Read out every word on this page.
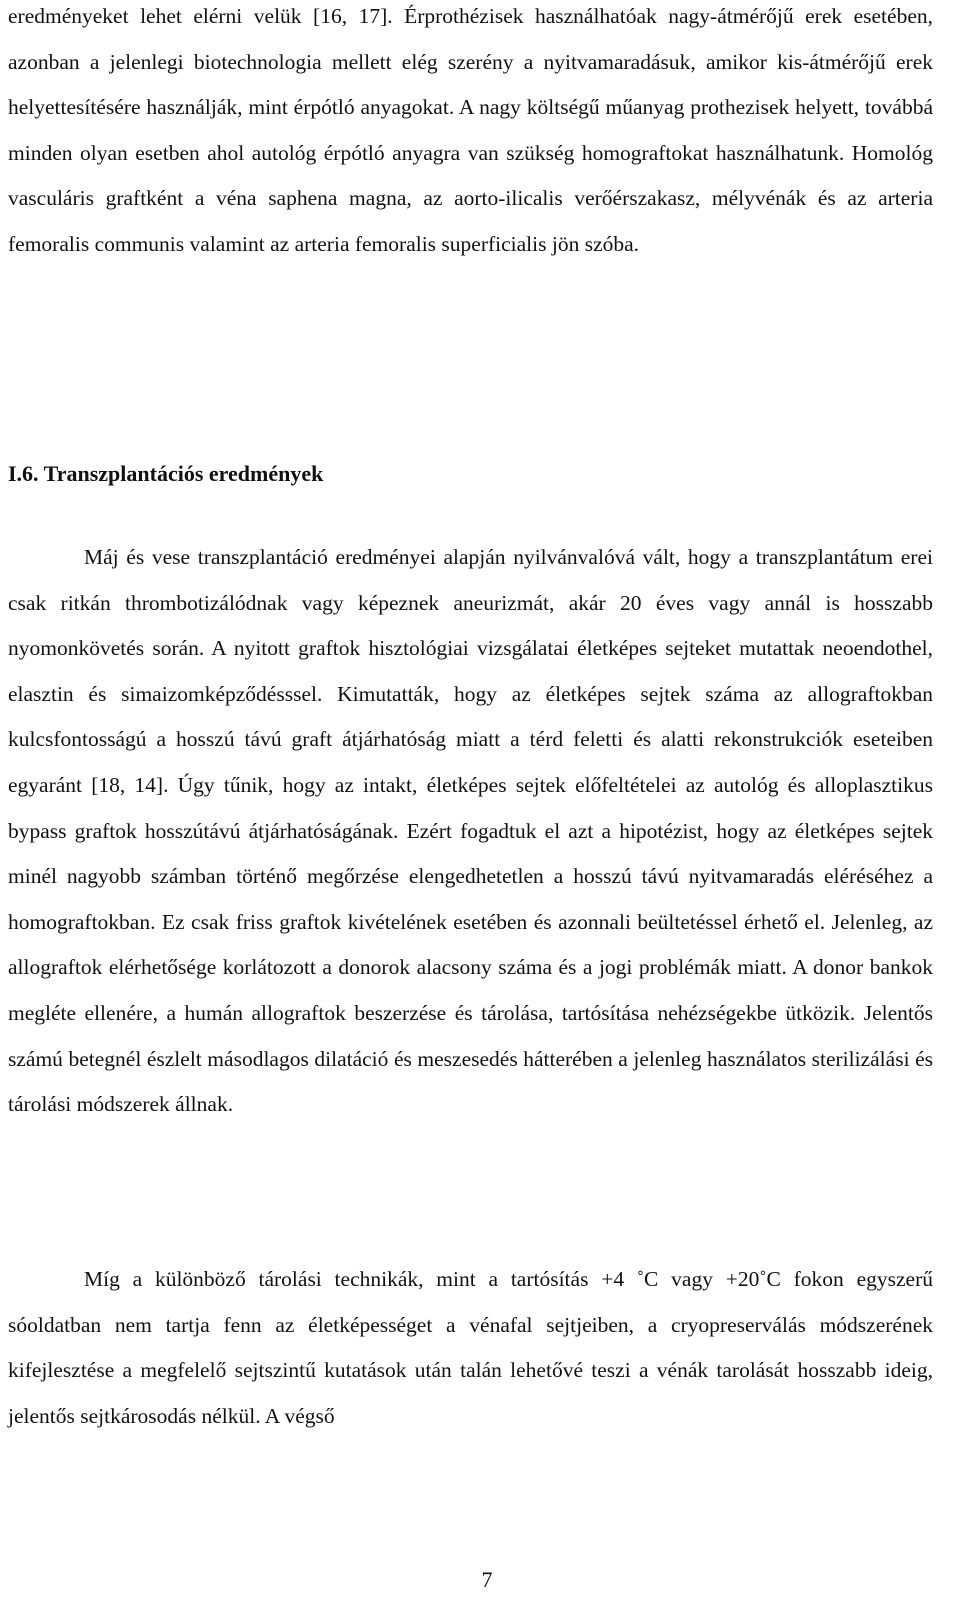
eredményeket lehet elérni velük [16, 17]. Érprothézisek használhatóak nagy-átmérőjű erek esetében, azonban a jelenlegi biotechnologia mellett elég szerény a nyitvamaradásuk, amikor kis-átmérőjű erek helyettesítésére használják, mint érpótló anyagokat. A nagy költségű műanyag prothezisek helyett, továbbá minden olyan esetben ahol autológ érpótló anyagra van szükség homograftokat használhatunk. Homológ vasculáris graftként a véna saphena magna, az aorto-ilicalis verőérszakasz, mélyvénák és az arteria femoralis communis valamint az arteria femoralis superficialis jön szóba.

I.6. Transzplantációs eredmények

Máj és vese transzplantáció eredményei alapján nyilvánvalóvá vált, hogy a transzplantátum erei csak ritkán thrombotizálódnak vagy képeznek aneurizmát, akár 20 éves vagy annál is hosszabb nyomonkövetés során. A nyitott graftok hisztológiai vizsgálatai életképes sejteket mutattak neoendothel, elasztin és simaizomképződésssel. Kimutatták, hogy az életképes sejtek száma az allograftokban kulcsfontosságú a hosszú távú graft átjárhatóság miatt a térd feletti és alatti rekonstrukciók eseteiben egyaránt [18, 14]. Úgy tűnik, hogy az intakt, életképes sejtek előfeltételei az autológ és alloplasztikus bypass graftok hosszútávú átjárhatóságának. Ezért fogadtuk el azt a hipotézist, hogy az életképes sejtek minél nagyobb számban történő megőrzése elengedhetetlen a hosszú távú nyitvamaradás eléréséhez a homograftokban. Ez csak friss graftok kivételének esetében és azonnali beültetéssel érhető el. Jelenleg, az allograftok elérhetősége korlátozott a donorok alacsony száma és a jogi problémák miatt. A donor bankok megléte ellenére, a humán allograftok beszerzése és tárolása, tartósítása nehézségekbe ütközik. Jelentős számú betegnél észlelt másodlagos dilatáció és meszesedés hátterében a jelenleg használatos sterilizálási és tárolási módszerek állnak.

Míg a különböző tárolási technikák, mint a tartósítás +4 ˚C vagy +20˚C fokon egyszerű sóoldatban nem tartja fenn az életképességet a vénafal sejtjeiben, a cryopreserválás módszerének kifejlesztése a megfelelő sejtszintű kutatások után talán lehetővé teszi a vénák tarolását hosszabb ideig, jelentős sejtkárosodás nélkül. A végső

7
